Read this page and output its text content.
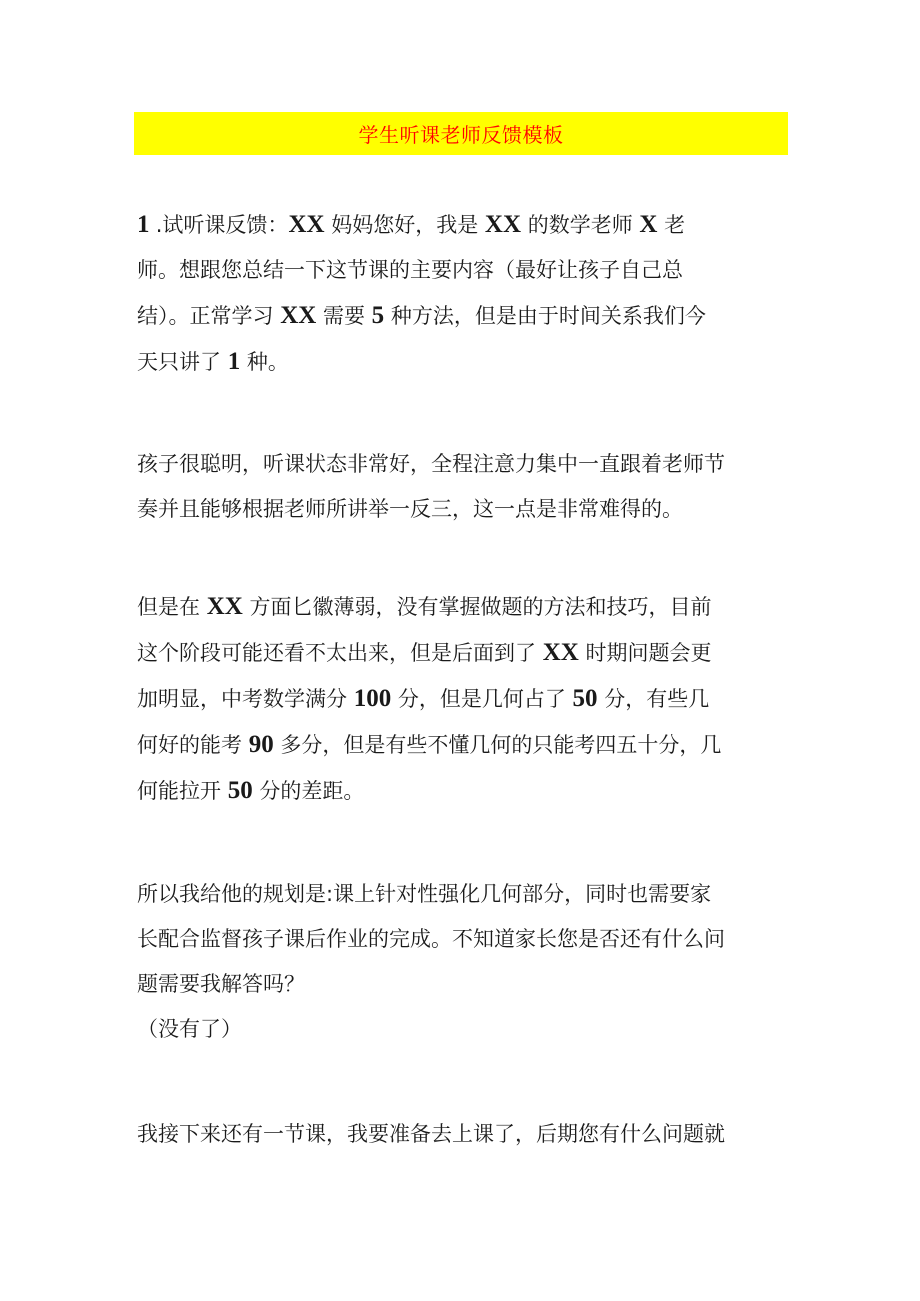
学生听课老师反馈模板
1 .试听课反馈：XX 妈妈您好，我是 XX 的数学老师 X 老
师。想跟您总结一下这节课的主要内容（最好让孩子自己总
结）。正常学习 XX 需要 5 种方法，但是由于时间关系我们今
天只讲了 1 种。
孩子很聪明，听课状态非常好，全程注意力集中一直跟着老师节
奏并且能够根据老师所讲举一反三，这一点是非常难得的。
但是在 XX 方面匕徽薄弱，没有掌握做题的方法和技巧，目前
这个阶段可能还看不太出来，但是后面到了 XX 时期问题会更
加明显，中考数学满分 100 分，但是几何占了 50 分，有些几
何好的能考 90 多分，但是有些不懂几何的只能考四五十分，几
何能拉开 50 分的差距。
所以我给他的规划是:课上针对性强化几何部分，同时也需要家
长配合监督孩子课后作业的完成。不知道家长您是否还有什么问
题需要我解答吗？
（没有了）
我接下来还有一节课，我要准备去上课了，后期您有什么问题就
